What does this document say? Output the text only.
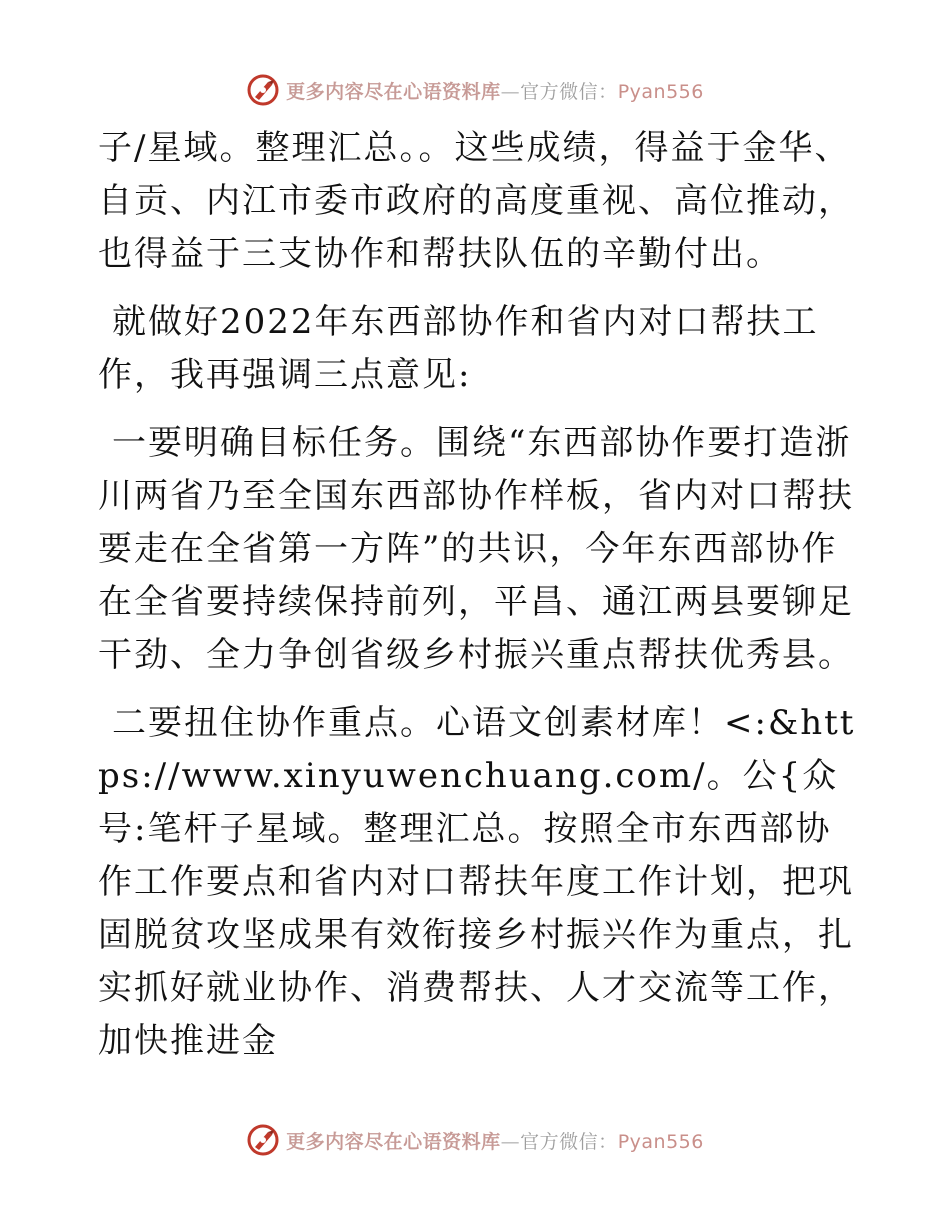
更多内容尽在心语资料库—官方微信：Pyan556

子/星域。整理汇总。。这些成绩，得益于金华、自贡、内江市委市政府的高度重视、高位推动，也得益于三支协作和帮扶队伍的辛勤付出。

就做好2022年东西部协作和省内对口帮扶工作，我再强调三点意见:

一要明确目标任务。围绕“东西部协作要打造浙川两省乃至全国东西部协作样板，省内对口帮扶要走在全省第一方阵”的共识，今年东西部协作在全省要持续保持前列，平昌、通江两县要铆足干劲、全力争创省级乡村振兴重点帮扶优秀县。

二要扭住协作重点。心语文创素材库！<:&https://www.xinyuwenchuang.com/。公{众号:笔杆子星域。整理汇总。按照全市东西部协作工作要点和省内对口帮扶年度工作计划，把巩固脱贫攻坚成果有效衔接乡村振兴作为重点，扎实抓好就业协作、消费帮扶、人才交流等工作，加快推进金

更多内容尽在心语资料库—官方微信：Pyan556
